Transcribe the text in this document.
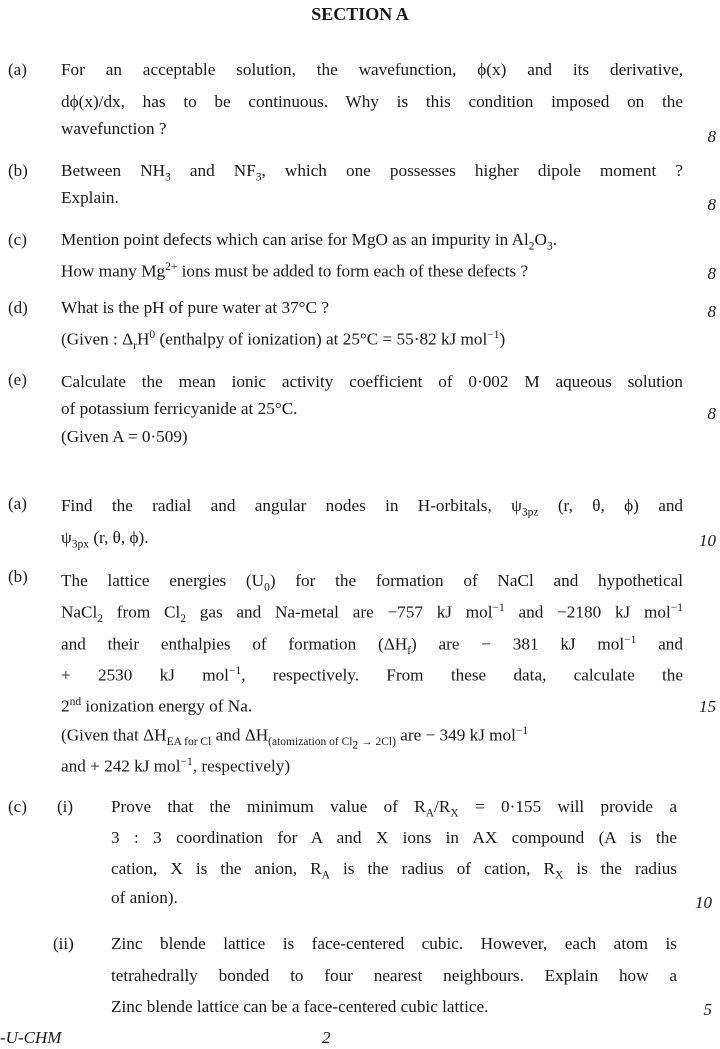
SECTION A
(a) For an acceptable solution, the wavefunction, ϕ(x) and its derivative,
dϕ(x)/dx, has to be continuous. Why is this condition imposed on the
wavefunction ?	8
(b) Between $NH_3$ and $NF_3$, which one possesses higher dipole moment ?
Explain.	8
(c) Mention point defects which can arise for MgO as an impurity in $Al_2O_3$.
How many $Mg^{2+}$ ions must be added to form each of these defects ?	8
(d) What is the pH of pure water at 37°C ?	8
(Given : $\Delta_rH^0$ (enthalpy of ionization) at 25°C = 55·82 kJ mol$^{-1}$)
(e) Calculate the mean ionic activity coefficient of 0·002 M aqueous solution
of potassium ferricyanide at 25°C.	8
(Given A = 0·509)
(a) Find the radial and angular nodes in H-orbitals, $\psi_{3pz}$ (r, θ, ϕ) and
$\psi_{3px}$ (r, θ, ϕ).	10
(b) The lattice energies $(U_0)$ for the formation of NaCl and hypothetical
NaCl$_2$ from $Cl_2$ gas and Na-metal are −757 kJ mol$^{-1}$ and −2180 kJ mol$^{-1}$
and their enthalpies of formation $(\Delta H_f)$ are − 381 kJ mol$^{-1}$ and
+ 2530 kJ mol$^{-1}$, respectively. From these data, calculate the
2nd ionization energy of Na.	15
(Given that $\Delta H_{EA for Cl}$ and $\Delta H_{(atomization of Cl_2 \to 2Cl)}$ are − 349 kJ mol$^{-1}$
and + 242 kJ mol$^{-1}$, respectively)
(c) (i) Prove that the minimum value of $R_A/R_X = 0\cdot 155$ will provide a
3 : 3 coordination for A and X ions in AX compound (A is the
cation, X is the anion, $R_A$ is the radius of cation, $R_X$ is the radius
of anion).	10
(ii) Zinc blende lattice is face-centered cubic. However, each atom is
tetrahedrally bonded to four nearest neighbours. Explain how a
Zinc blende lattice can be a face-centered cubic lattice.	5
-U-CHM	2
